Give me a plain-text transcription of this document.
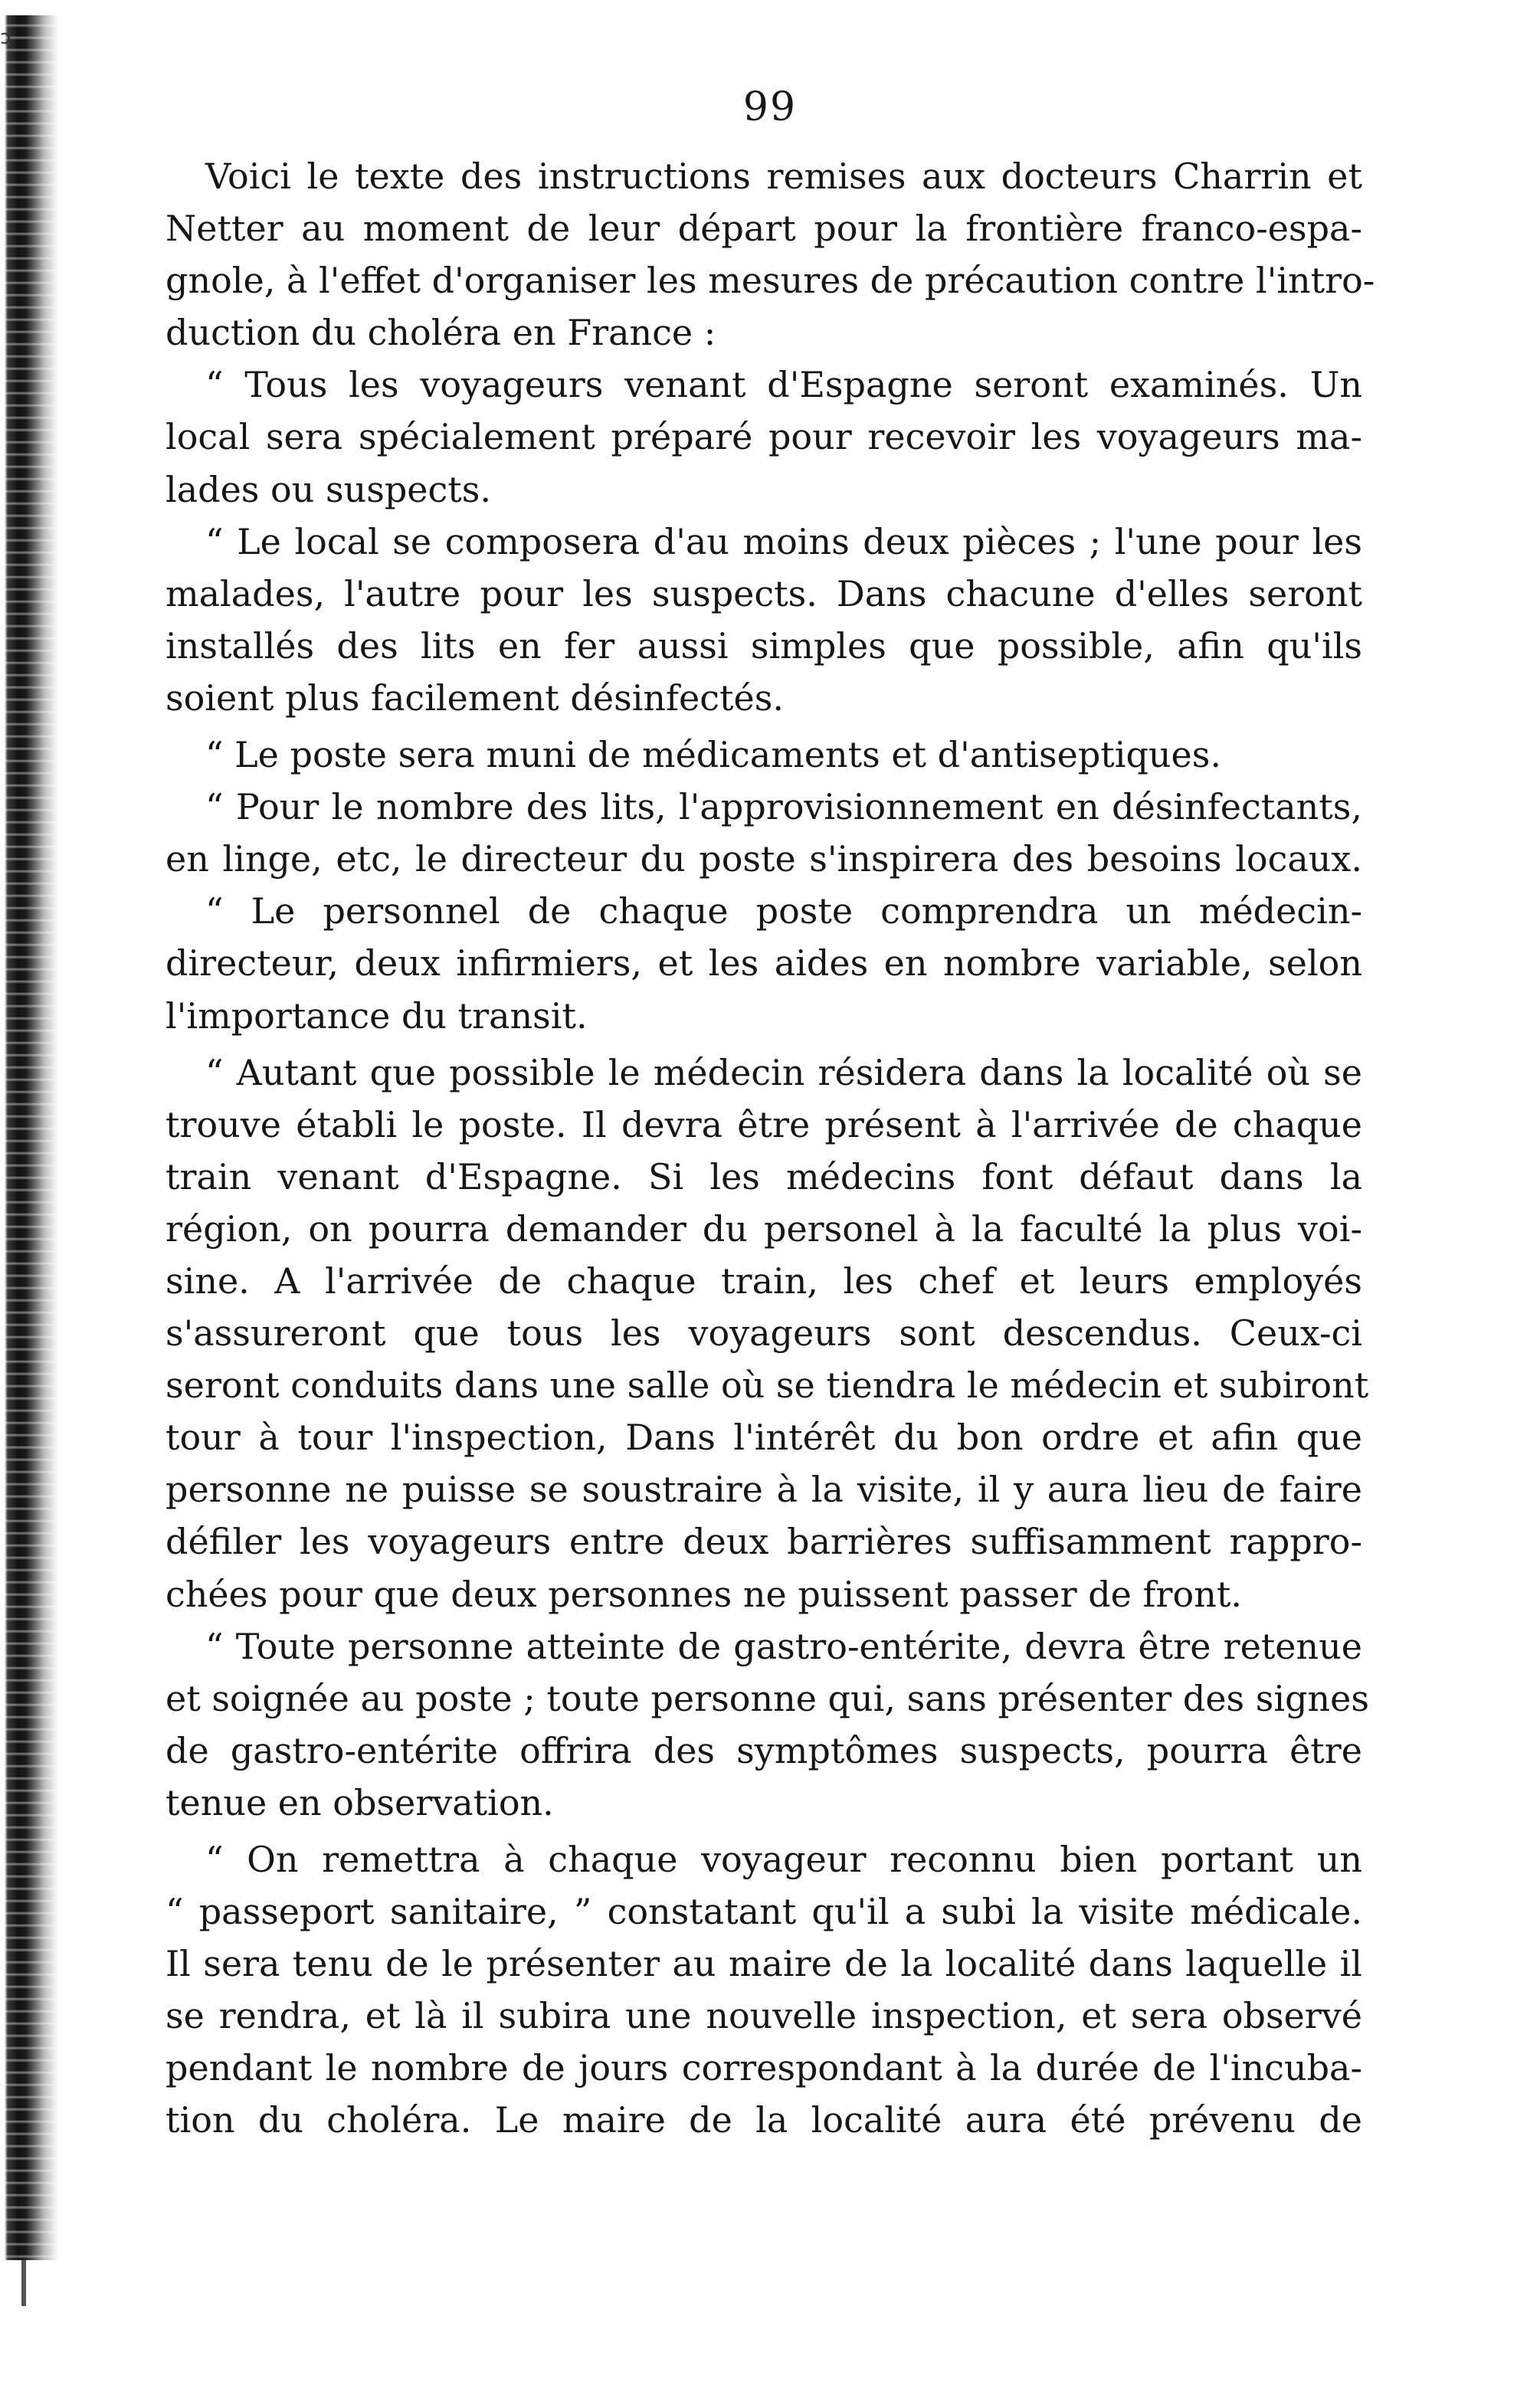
ɔ
99
Voici le texte des instructions remises aux docteurs Charrin et
Netter au moment de leur départ pour la frontière franco-espa-
gnole, à l'effet d'organiser les mesures de précaution contre l'intro-
duction du choléra en France :
“ Tous les voyageurs venant d'Espagne seront examinés. Un
local sera spécialement préparé pour recevoir les voyageurs ma-
lades ou suspects.
“ Le local se composera d'au moins deux pièces ; l'une pour les
malades, l'autre pour les suspects. Dans chacune d'elles seront
installés des lits en fer aussi simples que possible, afin qu'ils
soient plus facilement désinfectés.
“ Le poste sera muni de médicaments et d'antiseptiques.
“ Pour le nombre des lits, l'approvisionnement en désinfectants,
en linge, etc, le directeur du poste s'inspirera des besoins locaux.
“ Le personnel de chaque poste comprendra un médecin-
directeur, deux infirmiers, et les aides en nombre variable, selon
l'importance du transit.
“ Autant que possible le médecin résidera dans la localité où se
trouve établi le poste. Il devra être présent à l'arrivée de chaque
train venant d'Espagne. Si les médecins font défaut dans la
région, on pourra demander du personel à la faculté la plus voi-
sine. A l'arrivée de chaque train, les chef et leurs employés
s'assureront que tous les voyageurs sont descendus. Ceux-ci
seront conduits dans une salle où se tiendra le médecin et subiront
tour à tour l'inspection, Dans l'intérêt du bon ordre et afin que
personne ne puisse se soustraire à la visite, il y aura lieu de faire
défiler les voyageurs entre deux barrières suffisamment rappro-
chées pour que deux personnes ne puissent passer de front.
“ Toute personne atteinte de gastro-entérite, devra être retenue
et soignée au poste ; toute personne qui, sans présenter des signes
de gastro-entérite offrira des symptômes suspects, pourra être
tenue en observation.
“ On remettra à chaque voyageur reconnu bien portant un
“ passeport sanitaire, ” constatant qu'il a subi la visite médicale.
Il sera tenu de le présenter au maire de la localité dans laquelle il
se rendra, et là il subira une nouvelle inspection, et sera observé
pendant le nombre de jours correspondant à la durée de l'incuba-
tion du choléra. Le maire de la localité aura été prévenu de
